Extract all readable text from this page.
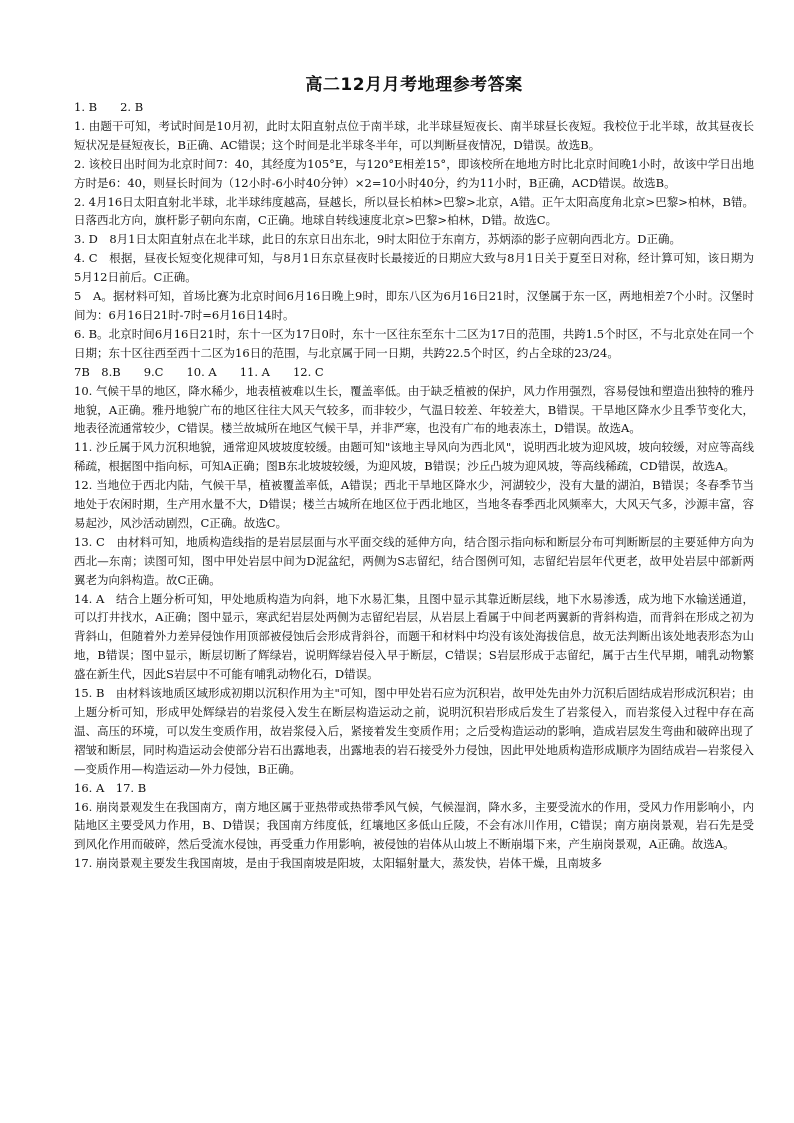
高二12月月考地理参考答案

1. B　　2. B

1. 由题干可知，考试时间是10月初，此时太阳直射点位于南半球，北半球昼短夜长、南半球昼长夜短。我校位于北半球，故其昼夜长短状况是昼短夜长，B正确、AC错误；这个时间是北半球冬半年，可以判断昼夜情况，D错误。故选B。

2. 该校日出时间为北京时间7：40，其经度为105°E，与120°E相差15°，即该校所在地地方时比北京时间晚1小时，故该中学日出地方时是6：40，则昼长时间为（12小时-6小时40分钟）×2=10小时40分，约为11小时，B正确，ACD错误。故选B。

2. 4月16日太阳直射北半球，北半球纬度越高，昼越长，所以昼长柏林>巴黎>北京，A错。正午太阳高度角北京>巴黎>柏林，B错。日落西北方向，旗杆影子朝向东南，C正确。地球自转线速度北京>巴黎>柏林，D错。故选C。

3. D　8月1日太阳直射点在北半球，此日的东京日出东北，9时太阳位于东南方，苏炳添的影子应朝向西北方。D正确。

4. C　根据，昼夜长短变化规律可知，与8月1日东京昼夜时长最接近的日期应大致与8月1日关于夏至日对称，经计算可知，该日期为5月12日前后。C正确。

5　A。据材料可知，首场比赛为北京时间6月16日晚上9时，即东八区为6月16日21时，汉堡属于东一区，两地相差7个小时。汉堡时间为：6月16日21时-7时=6月16日14时。

6. B。北京时间6月16日21时，东十一区为17日0时，东十一区往东至东十二区为17日的范围，共跨1.5个时区，不与北京处在同一个日期；东十区往西至西十二区为16日的范围，与北京属于同一日期，共跨22.5个时区，约占全球的23/24。

7B　8.B　　9.C　　10. A　　11. A　　12. C

10. 气候干旱的地区，降水稀少，地表植被难以生长，覆盖率低。由于缺乏植被的保护，风力作用强烈，容易侵蚀和塑造出独特的雅丹地貌，A正确。雅丹地貌广布的地区往往大风天气较多，而非较少，气温日较差、年较差大，B错误。干旱地区降水少且季节变化大，地表径流通常较少，C错误。楼兰故城所在地区气候干旱，并非严寒，也没有广布的地表冻土，D错误。故选A。

11. 沙丘属于风力沉积地貌，通常迎风坡坡度较缓。由题可知"该地主导风向为西北风"，说明西北坡为迎风坡，坡向较缓，对应等高线稀疏，根据图中指向标，可知A正确；图B东北坡坡较缓，为迎风坡，B错误；沙丘凸坡为迎风坡，等高线稀疏，CD错误，故选A。

12. 当地位于西北内陆，气候干旱，植被覆盖率低，A错误；西北干旱地区降水少，河湖较少，没有大量的湖泊，B错误；冬春季节当地处于农闲时期，生产用水量不大，D错误；楼兰古城所在地区位于西北地区，当地冬春季西北风频率大，大风天气多，沙源丰富，容易起沙，风沙活动剧烈，C正确。故选C。

13. C　由材料可知，地质构造线指的是岩层层面与水平面交线的延伸方向，结合图示指向标和断层分布可判断断层的主要延伸方向为西北—东南；读图可知，图中甲处岩层中间为D泥盆纪，两侧为S志留纪，结合图例可知，志留纪岩层年代更老，故甲处岩层中部新两翼老为向斜构造。故C正确。

14. A　结合上题分析可知，甲处地质构造为向斜，地下水易汇集，且图中显示其靠近断层线，地下水易渗透，成为地下水输送通道，可以打井找水，A正确；图中显示，寒武纪岩层处两侧为志留纪岩层，从岩层上看属于中间老两翼新的背斜构造，而背斜在形成之初为背斜山，但随着外力差异侵蚀作用顶部被侵蚀后会形成背斜谷，而题干和材料中均没有该处海拔信息，故无法判断出该处地表形态为山地，B错误；图中显示，断层切断了辉绿岩，说明辉绿岩侵入早于断层，C错误；S岩层形成于志留纪，属于古生代早期，哺乳动物繁盛在新生代，因此S岩层中不可能有哺乳动物化石，D错误。

15. B　由材料该地质区域形成初期以沉积作用为主"可知，图中甲处岩石应为沉积岩，故甲处先由外力沉积后固结成岩形成沉积岩；由上题分析可知，形成甲处辉绿岩的岩浆侵入发生在断层构造运动之前，说明沉积岩形成后发生了岩浆侵入，而岩浆侵入过程中存在高温、高压的环境，可以发生变质作用，故岩浆侵入后，紧接着发生变质作用；之后受构造运动的影响，造成岩层发生弯曲和破碎出现了褶皱和断层，同时构造运动会使部分岩石出露地表，出露地表的岩石接受外力侵蚀，因此甲处地质构造形成顺序为固结成岩—岩浆侵入—变质作用—构造运动—外力侵蚀，B正确。

16. A　17. B

16. 崩岗景观发生在我国南方，南方地区属于亚热带或热带季风气候，气候湿润，降水多，主要受流水的作用，受风力作用影响小，内陆地区主要受风力作用，B、D错误；我国南方纬度低，红壤地区多低山丘陵，不会有冰川作用，C错误；南方崩岗景观，岩石先是受到风化作用而破碎，然后受流水侵蚀，再受重力作用影响，被侵蚀的岩体从山坡上不断崩塌下来，产生崩岗景观，A正确。故选A。

17. 崩岗景观主要发生我国南坡，是由于我国南坡是阳坡，太阳辐射量大，蒸发快，岩体干燥，且南坡多
